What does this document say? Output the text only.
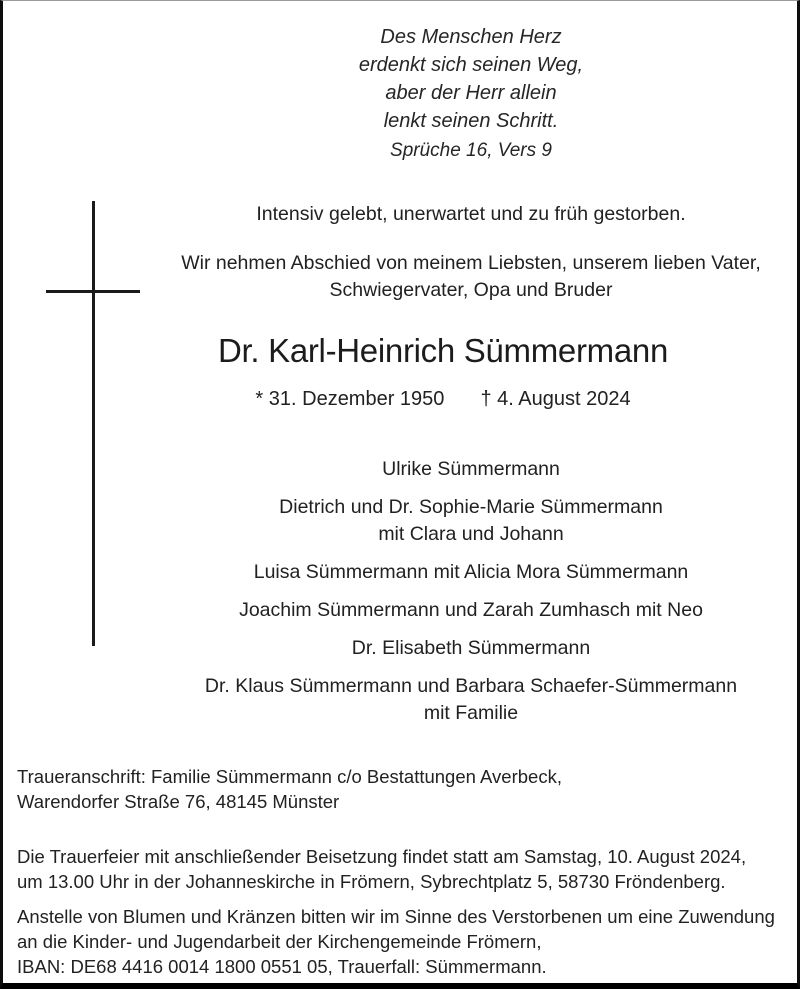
Des Menschen Herz
erdenkt sich seinen Weg,
aber der Herr allein
lenkt seinen Schritt.
Sprüche 16, Vers 9
Intensiv gelebt, unerwartet und zu früh gestorben.
Wir nehmen Abschied von meinem Liebsten, unserem lieben Vater,
Schwiegervater, Opa und Bruder
Dr. Karl-Heinrich Sümmermann
* 31. Dezember 1950 † 4. August 2024
Ulrike Sümmermann
Dietrich und Dr. Sophie-Marie Sümmermann
mit Clara und Johann
Luisa Sümmermann mit Alicia Mora Sümmermann
Joachim Sümmermann und Zarah Zumhasch mit Neo
Dr. Elisabeth Sümmermann
Dr. Klaus Sümmermann und Barbara Schaefer-Sümmermann
mit Familie
Traueranschrift: Familie Sümmermann c/o Bestattungen Averbeck,
Warendorfer Straße 76, 48145 Münster
Die Trauerfeier mit anschließender Beisetzung findet statt am Samstag, 10. August 2024,
um 13.00 Uhr in der Johanneskirche in Frömern, Sybrechtplatz 5, 58730 Fröndenberg.
Anstelle von Blumen und Kränzen bitten wir im Sinne des Verstorbenen um eine Zuwendung
an die Kinder- und Jugendarbeit der Kirchengemeinde Frömern,
IBAN: DE68 4416 0014 1800 0551 05, Trauerfall: Sümmermann.
